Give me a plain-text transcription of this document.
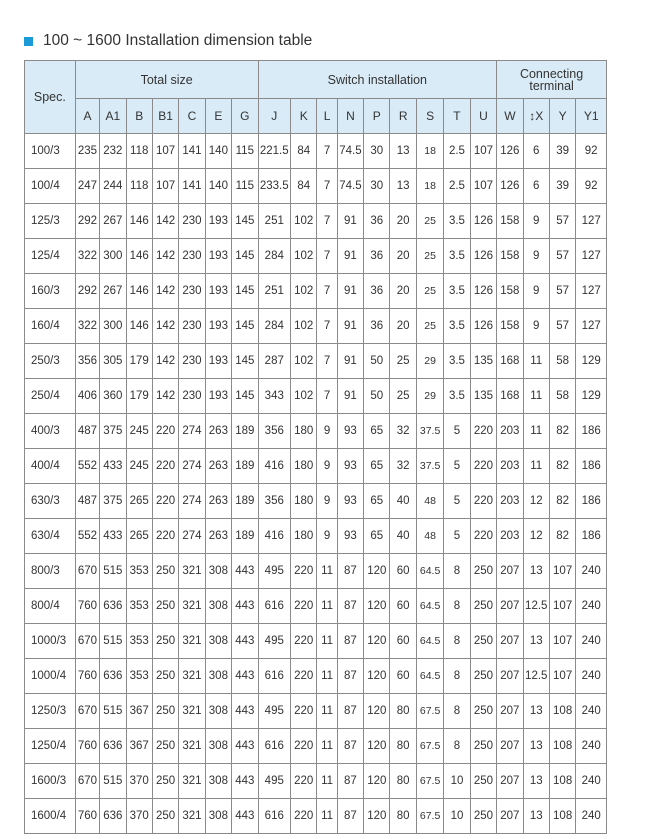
100 ~ 1600 Installation dimension table
Spec.	Total size							Switch installation									Connecting terminal			
	A	A1	B	B1	C	E	G	J	K	L	N	P	R	S	T	U	W	↕X	Y	Y1
100/3	235	232	118	107	141	140	115	221.5	84	7	74.5	30	13	18	2.5	107	126	6	39	92
100/4	247	244	118	107	141	140	115	233.5	84	7	74.5	30	13	18	2.5	107	126	6	39	92
125/3	292	267	146	142	230	193	145	251	102	7	91	36	20	25	3.5	126	158	9	57	127
125/4	322	300	146	142	230	193	145	284	102	7	91	36	20	25	3.5	126	158	9	57	127
160/3	292	267	146	142	230	193	145	251	102	7	91	36	20	25	3.5	126	158	9	57	127
160/4	322	300	146	142	230	193	145	284	102	7	91	36	20	25	3.5	126	158	9	57	127
250/3	356	305	179	142	230	193	145	287	102	7	91	50	25	29	3.5	135	168	11	58	129
250/4	406	360	179	142	230	193	145	343	102	7	91	50	25	29	3.5	135	168	11	58	129
400/3	487	375	245	220	274	263	189	356	180	9	93	65	32	37.5	5	220	203	11	82	186
400/4	552	433	245	220	274	263	189	416	180	9	93	65	32	37.5	5	220	203	11	82	186
630/3	487	375	265	220	274	263	189	356	180	9	93	65	40	48	5	220	203	12	82	186
630/4	552	433	265	220	274	263	189	416	180	9	93	65	40	48	5	220	203	12	82	186
800/3	670	515	353	250	321	308	443	495	220	11	87	120	60	64.5	8	250	207	13	107	240
800/4	760	636	353	250	321	308	443	616	220	11	87	120	60	64.5	8	250	207	12.5	107	240
1000/3	670	515	353	250	321	308	443	495	220	11	87	120	60	64.5	8	250	207	13	107	240
1000/4	760	636	353	250	321	308	443	616	220	11	87	120	60	64.5	8	250	207	12.5	107	240
1250/3	670	515	367	250	321	308	443	495	220	11	87	120	80	67.5	8	250	207	13	108	240
1250/4	760	636	367	250	321	308	443	616	220	11	87	120	80	67.5	8	250	207	13	108	240
1600/3	670	515	370	250	321	308	443	495	220	11	87	120	80	67.5	10	250	207	13	108	240
1600/4	760	636	370	250	321	308	443	616	220	11	87	120	80	67.5	10	250	207	13	108	240
